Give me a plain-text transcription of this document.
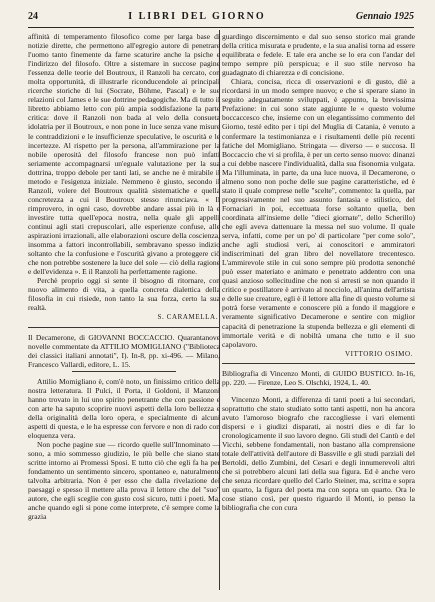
24	I LIBRI DEL GIORNO	Gennaio 1925

affinità di temperamento filosofico come per larga base di notizie dirette, che permettono all'egregio autore di penetrare l'uomo tanto finemente da farne scaturire anche la psiche e l'indirizzo del filosofo. Oltre a sistemare in succose pagine l'essenza delle teorie del Boutroux, il Ranzoli ha cercato, con molta opportunità, di illustrarle riconducendole ai principali ricerche storiche di lui (Socrate, Böhme, Pascal) e le sue relazioni col James e le sue dottrine pedagogiche. Ma di tutto il libretto abbiamo letto con più ampia soddisfazione la parte critica: dove il Ranzoli non bada al velo della consueta idolatria per il Boutroux, e non pone in luce senza vane misure le contraddizioni e le insufficienze speculative, le oscurità e le incertezze. Al rispetto per la persona, all'ammirazione per la nobile operosità del filosofo francese non può infatti seriamente accompagnarsi un'eguale valutazione per la sua dottrina, troppo debole per tanti lati, se anche ne è mirabile il metodo e l'esigenza iniziale. Nemmeno è giusto, secondo il Ranzoli, volere del Boutroux qualità sistematiche e quella concretezza a cui il Boutroux stesso rinunciava. « Il rimprovero, in ogni caso, dovrebbe andare assai più in là e investire tutta quell'epoca nostra, nella quale gli appelli continui agli stati crepuscolari, alle esperienze confuse, alle aspirazioni irrazionali, alle elaborazioni oscure della coscienza, insomma a fattori incontrollabili, sembravano spesso indizio soltanto che la confusione e l'oscurità givano a proteggere ciò che non potrebbe sostenere la luce del sole — ciò della ragione e dell'evidenza ». E il Ranzoli ha perfettamente ragione.

Perchè proprio oggi si sente il bisogno di ritornare, con nuovo alimento di vita, a quella concreta dialettica della filosofia in cui risiede, non tanto la sua forza, certo la sua realtà.

S. CARAMELLA.

Il Decamerone, di GIOVANNI BOCCACCIO. Quarantanove novelle commentate da ATTILIO MOMIGLIANO ("Biblioteca dei classici italiani annotati", I). In-8, pp. xi-496. — Milano, Francesco Vallardi, editore, L. 15.

Attilio Momigliano è, com'è noto, un finissimo critico della nostra letteratura. Il Pulci, il Porta, il Goldoni, il Manzoni hanno trovato in lui uno spirito penetrante che con passione e con arte ha saputo scoprire nuovi aspetti della loro bellezza e della originalità della loro opera, e specialmente di alcuni aspetti di questa, e le ha espresse con fervore e non di rado con eloquenza vera.

Non poche pagine sue — ricordo quelle sull'Innominato — sono, a mio sommesso giudizio, le più belle che siano state scritte intorno ai Promessi Sposi. E tutto ciò che egli fa ha per fondamento un sentimento sincero, spontaneo e, naturalmente talvolta arbitraria. Non è per esso che dalla rivelazione dei paesaggi e spesso il mettere alla prova il lettore che del "suo" autore, che egli sceglie con gusto così sicuro, tutti i poeti. Ma, anche quando egli si pone come interprete, c'è sempre come la grazia

guardingo discernimento e dal suo senso storico mai grande della critica misurata e prudente, e la sua analisi torna ad essere equilibrata e fedele. E tale era anche se lo era con l'andar del tempo sempre più perspicua; e il suo stile nervoso ha guadagnato di chiarezza e di concisione.

Chiara, concisa, ricca di osservazioni e di gusto, diè a ricordarsi in un modo sempre nuovo; e che si sperare siano in seguito adeguatamente sviluppati, è appunto, la brevissima Prefazione: in cui sono state aggiunte le « questo volume boccaccesco che, insieme con un elegantissimo commento del Giorno, testé edito per i tipi del Muglia di Catania, è venuto a confermare la testimonianza e i risultamenti delle più recenti fatiche del Momigliano. Stringata — diverso — e succosa. Il Boccaccio che vi si profila, è per un certo senso nuovo: dinanzi a cui debbe nascere l'individualità, dalla sua fisonomia vulgata. Ma l'illuminata, in parte, da una luce nuova, il Decamerone, o almeno sono non poche delle sue pagine caratteristiche, ed è stato il quale comprese nelle "scelte", commento: la quella, par progressivamente nel suo assunto fantasia e stilistico, del Fornaciari in poi, eccettuata forse soltanto quella, ben coordinata all'insieme delle "dieci giornate", dello Scherillo) che egli aveva dattenuare la messa nel suo volume. Il quale serva, infatti, come per un po' di particolare "per come solo", anche agli studiosi veri, ai conoscitori e ammiratori indiscriminati del gran libro del novellatore trecentesco. L'ammirevole stile in cui sono sempre più prodotta senonché può esser materiato e animato e penetrato addentro con una quasi anzioso sollecitudine che non si arresti se non quando il critico e postillatore è arrivato al nocciolo, all'anima dell'artista e delle sue creature, egli è il lettore alla fine di questo volume si potrà forse veramente e conoscere più a fondo il maggiore e veramente significativo Decamerone e sentire con miglior capacità di penetrazione la stupenda bellezza e gli elementi di immortale verità e di nobiltà umana che tutto e il suo capolavoro.

VITTORIO OSIMO.

Bibliografia di Vincenzo Monti, di GUIDO BUSTICO. In-16, pp. 220. — Firenze, Leo S. Olschki, 1924, L. 40.

Vincenzo Monti, a differenza di tanti poeti a lui secondari, soprattutto che stato studiato sotto tanti aspetti, non ha ancora avuto l'amoroso biografo che raccogliesse i vari elementi dispersi e i giudizi disparati, ai nostri dies e di far lo cronologicamente il suo lavoro degno. Gli studi del Cantù e del Vicchi, sebbene fondamentali, non bastano alla comprensione totale dell'attività dell'autore di Bassville e gli studi parziali del Bertoldi, dello Zumbini, del Cesari e degli innumerevoli altri che si potrebbero alcuni lati della sua figura. Ed è anche vero che senza ricordare quello del Carlo Steiner, ma, scritta e sopra un quarto, la figura del poeta ma con sopra un quarto. Ora le cose stiano così, per questo riguardo il Monti, io penso la bibliografia che con cura
